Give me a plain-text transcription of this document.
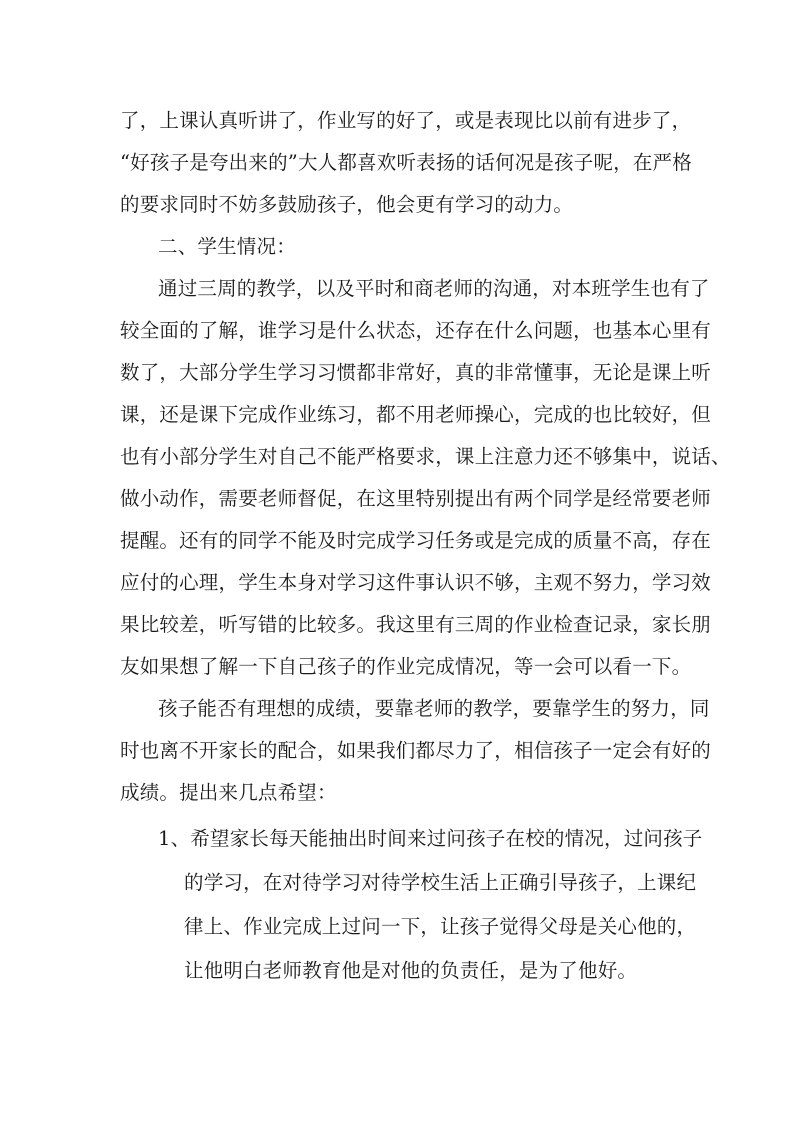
了，上课认真听讲了，作业写的好了，或是表现比以前有进步了，
“好孩子是夸出来的”大人都喜欢听表扬的话何况是孩子呢，在严格
的要求同时不妨多鼓励孩子，他会更有学习的动力。
二、学生情况：
通过三周的教学，以及平时和商老师的沟通，对本班学生也有了
较全面的了解，谁学习是什么状态，还存在什么问题，也基本心里有
数了，大部分学生学习习惯都非常好，真的非常懂事，无论是课上听
课，还是课下完成作业练习，都不用老师操心，完成的也比较好，但
也有小部分学生对自己不能严格要求，课上注意力还不够集中，说话、
做小动作，需要老师督促，在这里特别提出有两个同学是经常要老师
提醒。还有的同学不能及时完成学习任务或是完成的质量不高，存在
应付的心理，学生本身对学习这件事认识不够，主观不努力，学习效
果比较差，听写错的比较多。我这里有三周的作业检查记录，家长朋
友如果想了解一下自己孩子的作业完成情况，等一会可以看一下。
孩子能否有理想的成绩，要靠老师的教学，要靠学生的努力，同
时也离不开家长的配合，如果我们都尽力了，相信孩子一定会有好的
成绩。提出来几点希望：
1、希望家长每天能抽出时间来过问孩子在校的情况，过问孩子
的学习，在对待学习对待学校生活上正确引导孩子，上课纪
律上、作业完成上过问一下，让孩子觉得父母是关心他的，
让他明白老师教育他是对他的负责任，是为了他好。
